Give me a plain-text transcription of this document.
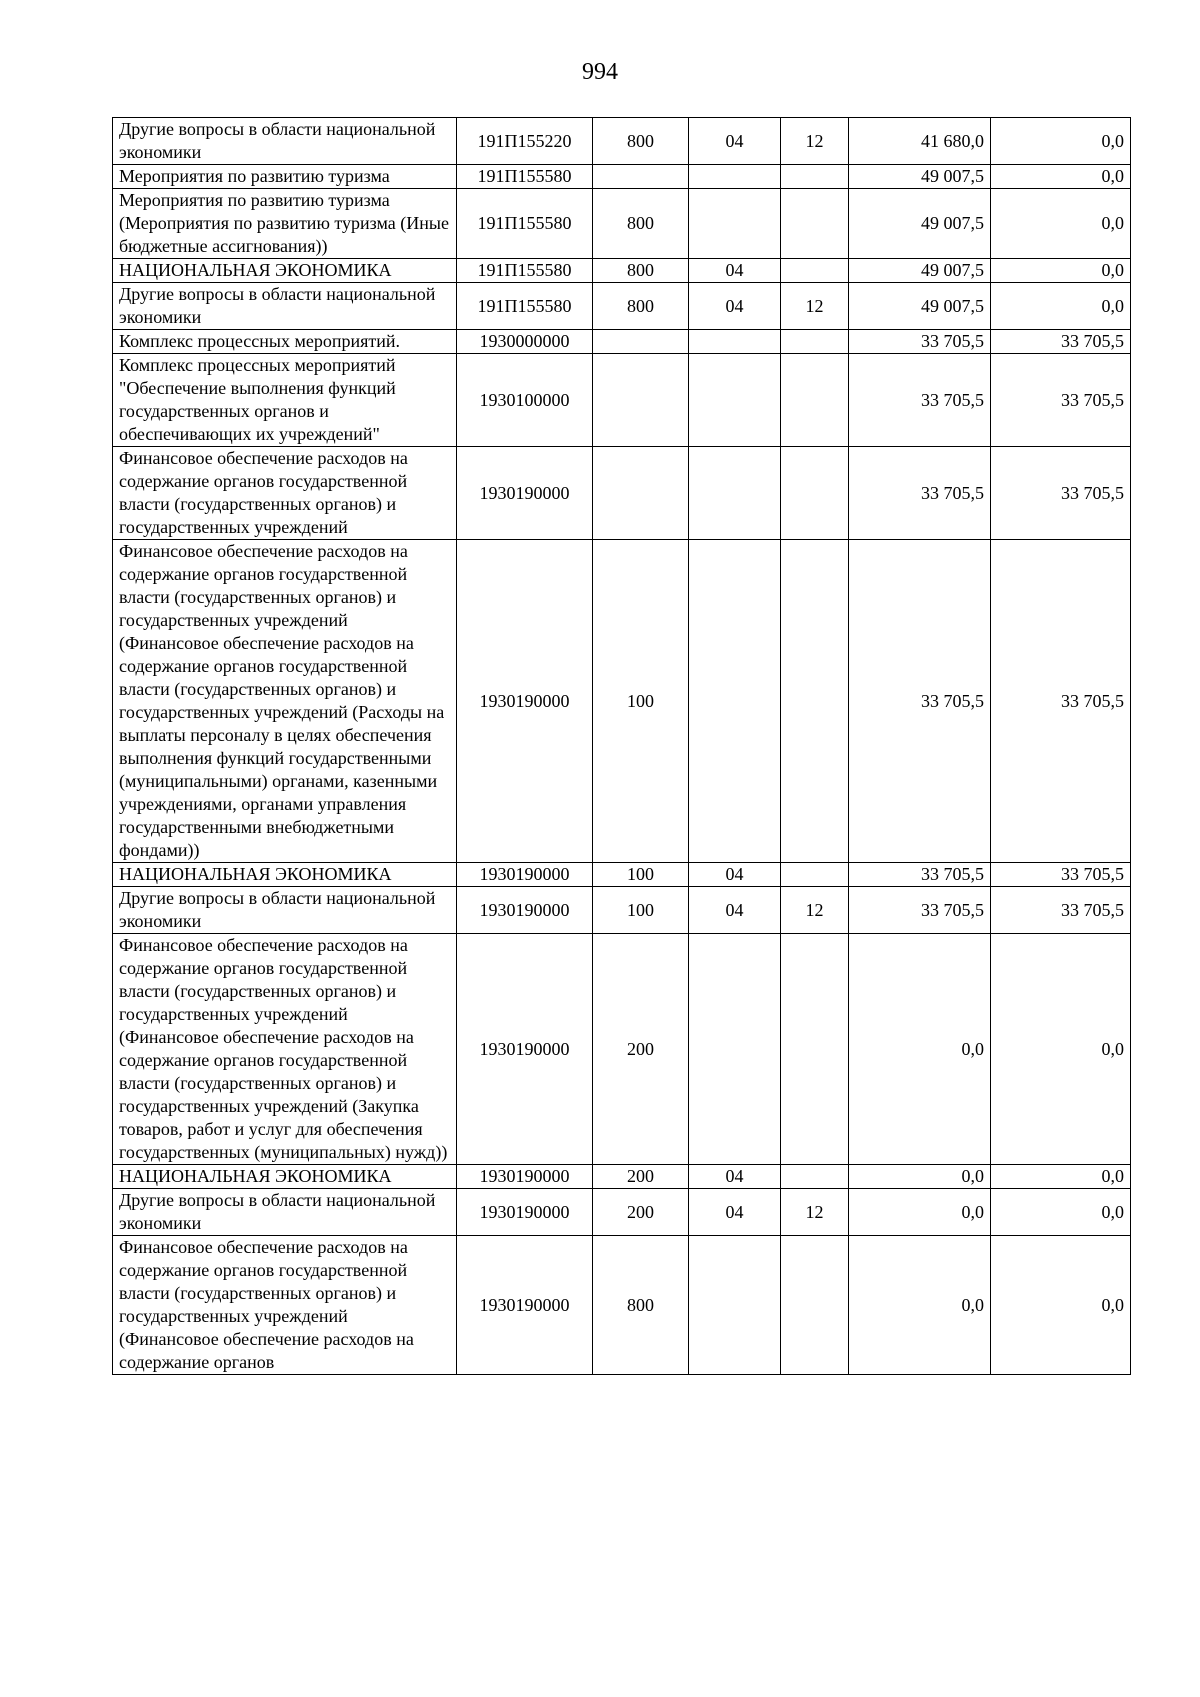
994
Другие вопросы в области национальной экономики	191П155220	800	04	12	41 680,0	0,0
Мероприятия по развитию туризма	191П155580				49 007,5	0,0
Мероприятия по развитию туризма (Мероприятия по развитию туризма (Иные бюджетные ассигнования))	191П155580	800			49 007,5	0,0
НАЦИОНАЛЬНАЯ ЭКОНОМИКА	191П155580	800	04		49 007,5	0,0
Другие вопросы в области национальной экономики	191П155580	800	04	12	49 007,5	0,0
Комплекс процессных мероприятий.	1930000000				33 705,5	33 705,5
Комплекс процессных мероприятий "Обеспечение выполнения функций государственных органов и обеспечивающих их учреждений"	1930100000				33 705,5	33 705,5
Финансовое обеспечение расходов на содержание органов государственной власти (государственных органов) и государственных учреждений	1930190000				33 705,5	33 705,5
Финансовое обеспечение расходов на содержание органов государственной власти (государственных органов) и государственных учреждений (Финансовое обеспечение расходов на содержание органов государственной власти (государственных органов) и государственных учреждений (Расходы на выплаты персоналу в целях обеспечения выполнения функций государственными (муниципальными) органами, казенными учреждениями, органами управления государственными внебюджетными фондами))	1930190000	100			33 705,5	33 705,5
НАЦИОНАЛЬНАЯ ЭКОНОМИКА	1930190000	100	04		33 705,5	33 705,5
Другие вопросы в области национальной экономики	1930190000	100	04	12	33 705,5	33 705,5
Финансовое обеспечение расходов на содержание органов государственной власти (государственных органов) и государственных учреждений (Финансовое обеспечение расходов на содержание органов государственной власти (государственных органов) и государственных учреждений (Закупка товаров, работ и услуг для обеспечения государственных (муниципальных) нужд))	1930190000	200			0,0	0,0
НАЦИОНАЛЬНАЯ ЭКОНОМИКА	1930190000	200	04		0,0	0,0
Другие вопросы в области национальной экономики	1930190000	200	04	12	0,0	0,0
Финансовое обеспечение расходов на содержание органов государственной власти (государственных органов) и государственных учреждений (Финансовое обеспечение расходов на содержание органов	1930190000	800			0,0	0,0
